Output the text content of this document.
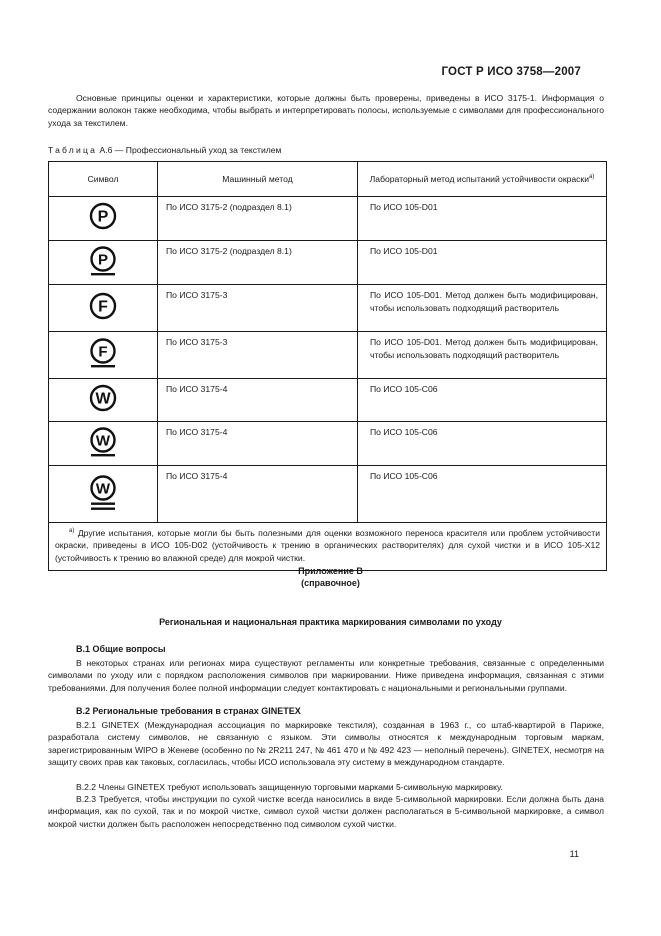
ГОСТ Р ИСО 3758—2007
Основные принципы оценки и характеристики, которые должны быть проверены, приведены в ИСО 3175-1. Информация о содержании волокон также необходима, чтобы выбрать и интерпретировать полосы, используемые с символами для профессионального ухода за текстилем.
Таблица А.6 — Профессиональный уход за текстилем
Символ	Машинный метод	Лабораторный метод испытаний устойчивости окраски$^{а)}$

P	По ИСО 3175-2 (подраздел 8.1)	По ИСО 105-D01

P	По ИСО 3175-2 (подраздел 8.1)	По ИСО 105-D01

F	По ИСО 3175-3	По ИСО 105-D01. Метод должен быть модифицирован, чтобы использовать подходящий растворитель

F	По ИСО 3175-3	По ИСО 105-D01. Метод должен быть модифицирован, чтобы использовать подходящий растворитель

W	По ИСО 3175-4	По ИСО 105-C06

W	По ИСО 3175-4	По ИСО 105-C06

W	По ИСО 3175-4	По ИСО 105-C06
$^{а)}$ Другие испытания, которые могли бы быть полезными для оценки возможного переноса красителя или проблем устойчивости окраски, приведены в ИСО 105-D02 (устойчивость к трению в органических растворителях) для сухой чистки и в ИСО 105-X12 (устойчивость к трению во влажной среде) для мокрой чистки.		
Приложение В
(справочное)
Региональная и национальная практика маркирования символами по уходу
В.1 Общие вопросы
В некоторых странах или регионах мира существуют регламенты или конкретные требования, связанные с определенными символами по уходу или с порядком расположения символов при маркировании. Ниже приведена информация, связанная с этими требованиями. Для получения более полной информации следует контактировать с национальными и региональными группами.
В.2 Региональные требования в странах GINETEX
В.2.1 GINETEX (Международная ассоциация по маркировке текстиля), созданная в 1963 г., со штаб-квартирой в Париже, разработала систему символов, не связанную с языком. Эти символы относятся к международным торговым маркам, зарегистрированным WIPO в Женеве (особенно по № 2R211 247, № 461 470 и № 492 423 — неполный перечень). GINETEX, несмотря на защиту своих прав как таковых, согласилась, чтобы ИСО использовала эту систему в международном стандарте.
В.2.2 Члены GINETEX требуют использовать защищенную торговыми марками 5-символьную маркировку.
В.2.3 Требуется, чтобы инструкции по сухой чистке всегда наносились в виде 5-символьной маркировки. Если должна быть дана информация, как по сухой, так и по мокрой чистке, символ сухой чистки должен располагаться в 5-символьной маркировке, а символ мокрой чистки должен быть расположен непосредственно под символом сухой чистки.
11
